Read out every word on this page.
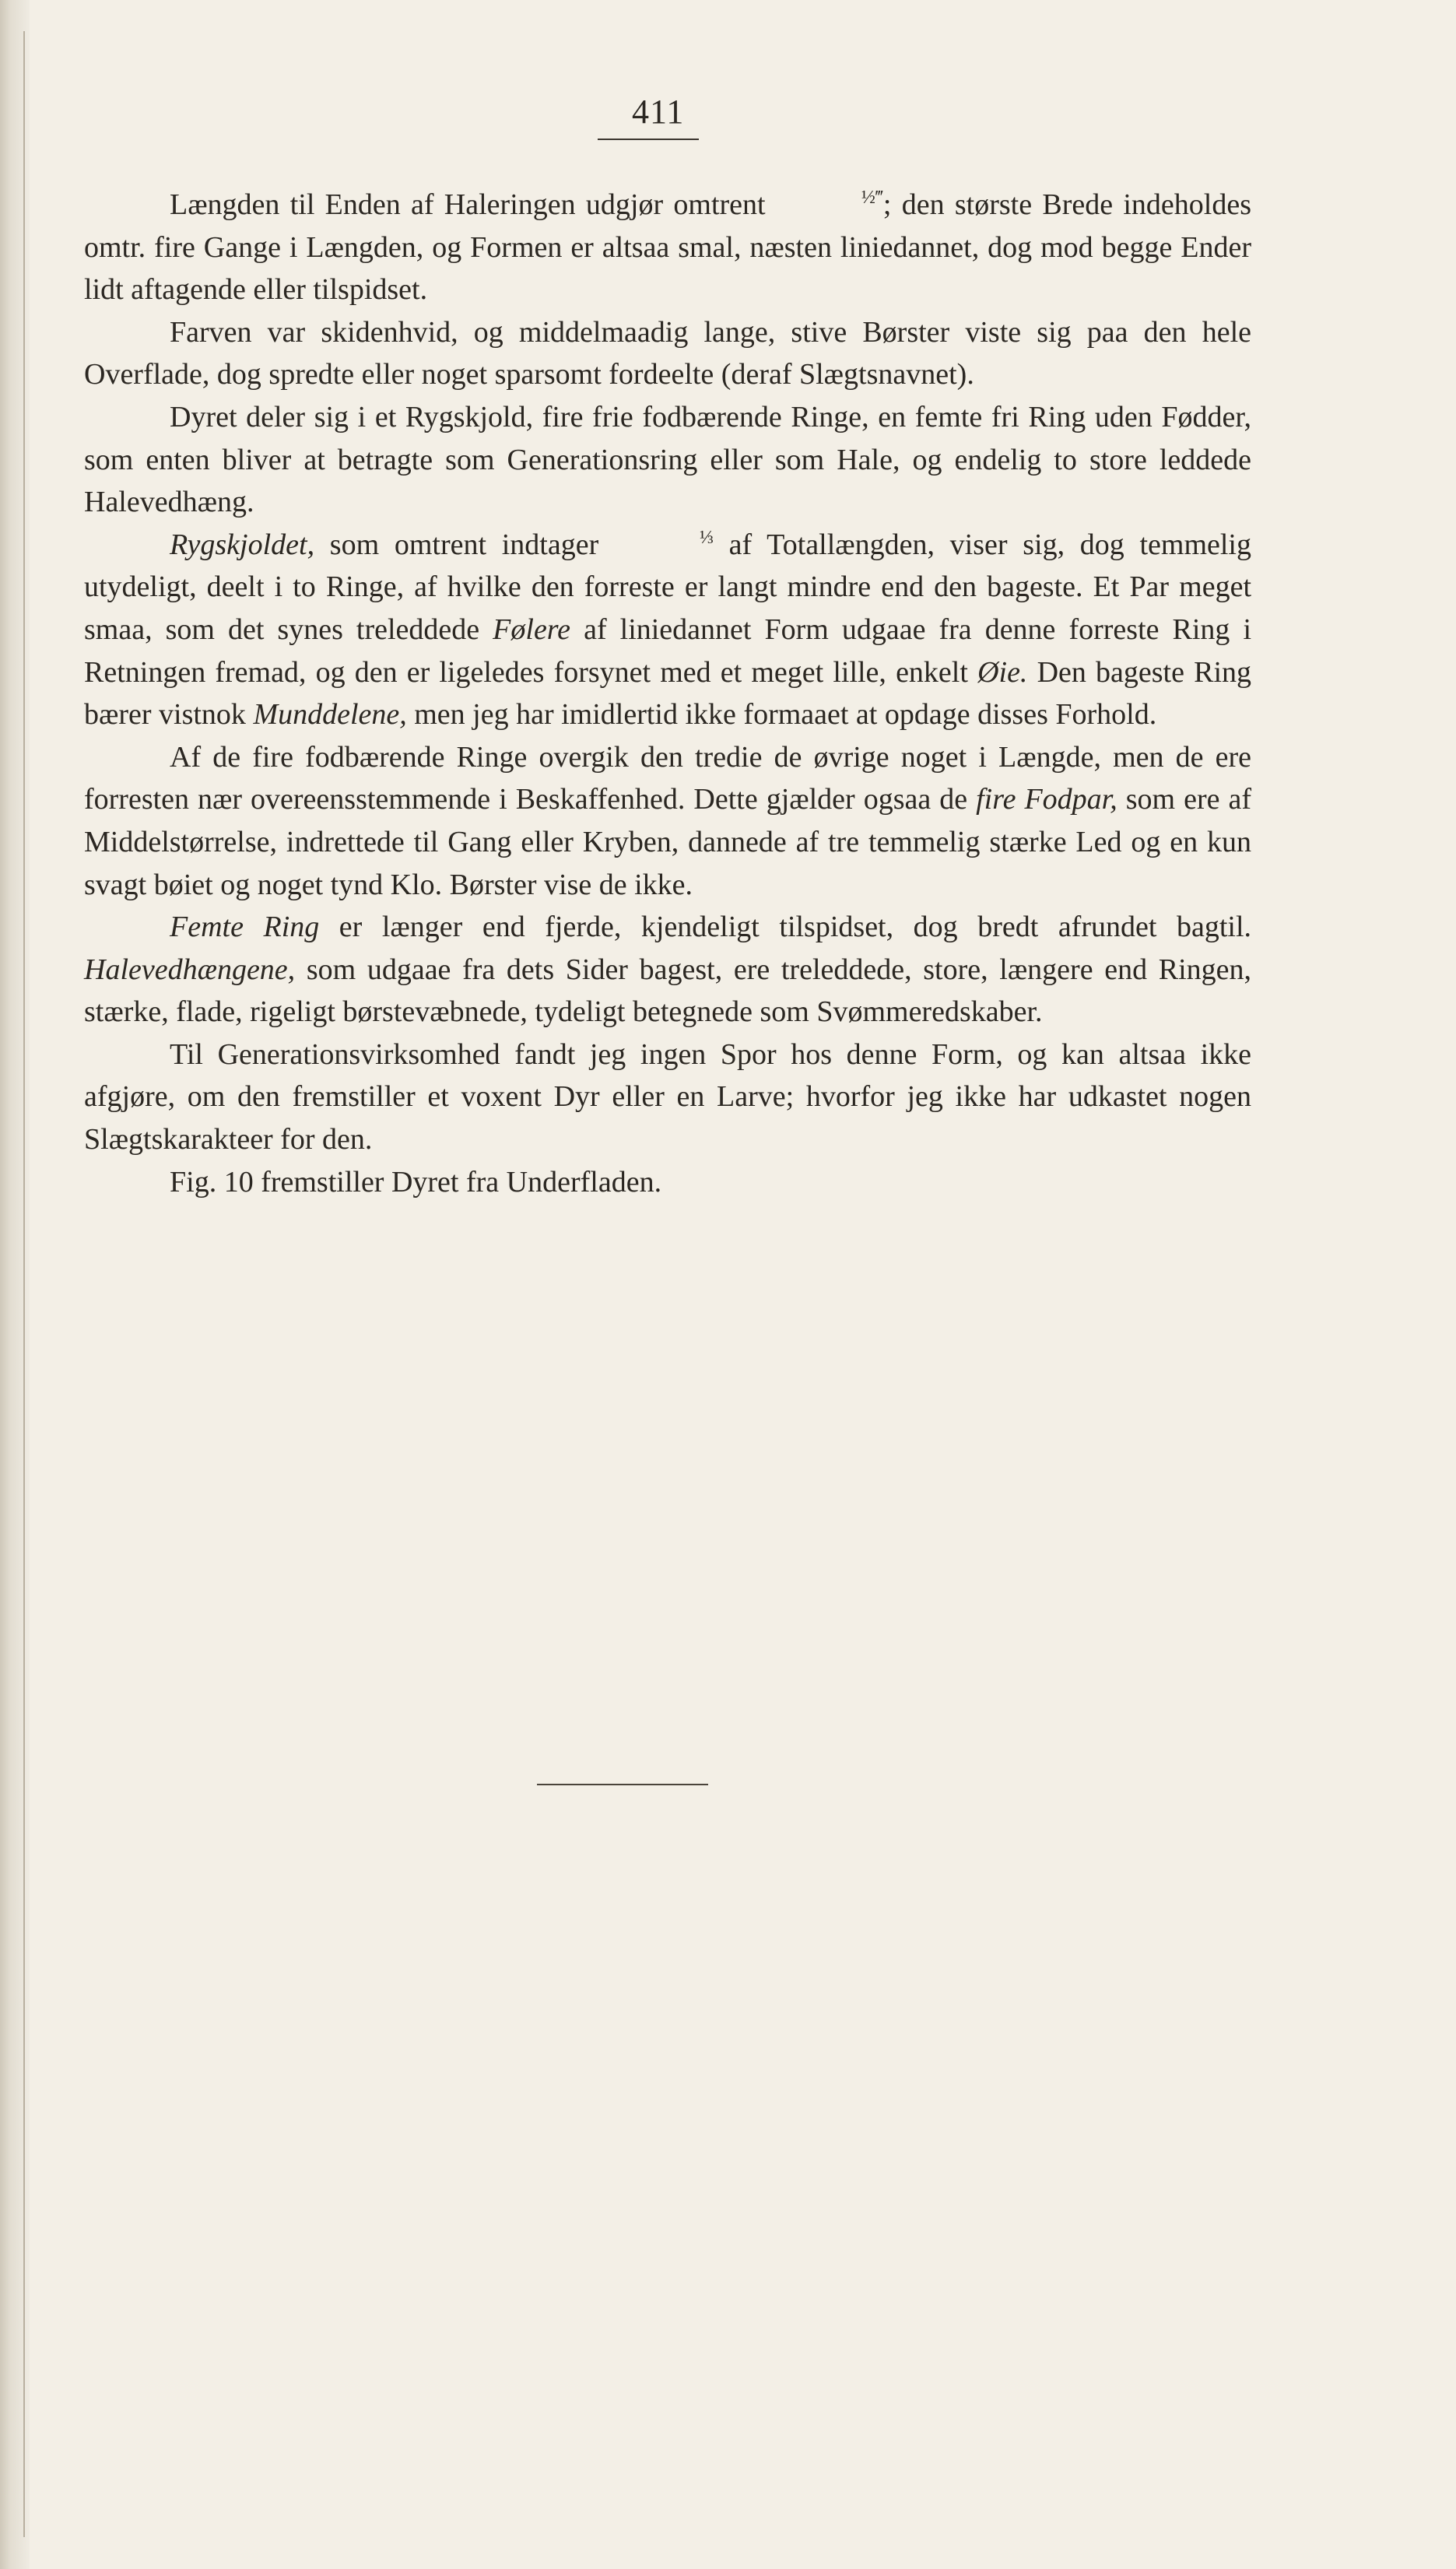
411

Længden til Enden af Haleringen udgjør omtrent	½‴; den største Brede indeholdes omtr. fire Gange i Længden, og Formen er altsaa smal, næsten liniedannet, dog mod begge Ender lidt aftagende eller tilspidset.

Farven var skidenhvid, og middelmaadig lange, stive Børster viste sig paa den hele Overflade, dog spredte eller noget sparsomt fordeelte (deraf Slægtsnavnet).

Dyret deler sig i et Rygskjold, fire frie fodbærende Ringe, en femte fri Ring uden Fødder, som enten bliver at betragte som Generationsring eller som Hale, og endelig to store leddede Halevedhæng.

Rygskjoldet, som omtrent indtager	⅓ af Totallængden, viser sig, dog temmelig utydeligt, deelt i to Ringe, af hvilke den forreste er langt mindre end den bageste. Et Par meget smaa, som det synes treleddede Følere af liniedannet Form udgaae fra denne forreste Ring i Retningen fremad, og den er ligeledes forsynet med et meget lille, enkelt Øie. Den bageste Ring bærer vistnok Munddelene, men jeg har imidlertid ikke formaaet at opdage disses Forhold.

Af de fire fodbærende Ringe overgik den tredie de øvrige noget i Længde, men de ere forresten nær overeensstemmende i Beskaffenhed. Dette gjælder ogsaa de fire Fodpar, som ere af Middelstørrelse, indrettede til Gang eller Kryben, dannede af tre temmelig stærke Led og en kun svagt bøiet og noget tynd Klo. Børster vise de ikke.

Femte Ring er længer end fjerde, kjendeligt tilspidset, dog bredt afrundet bagtil. Halevedhængene, som udgaae fra dets Sider bagest, ere treleddede, store, længere end Ringen, stærke, flade, rigeligt børstevæbnede, tydeligt betegnede som Svømmeredskaber.

Til Generationsvirksomhed fandt jeg ingen Spor hos denne Form, og kan altsaa ikke afgjøre, om den fremstiller et voxent Dyr eller en Larve; hvorfor jeg ikke har udkastet nogen Slægtskarakteer for den.

Fig. 10 fremstiller Dyret fra Underfladen.
